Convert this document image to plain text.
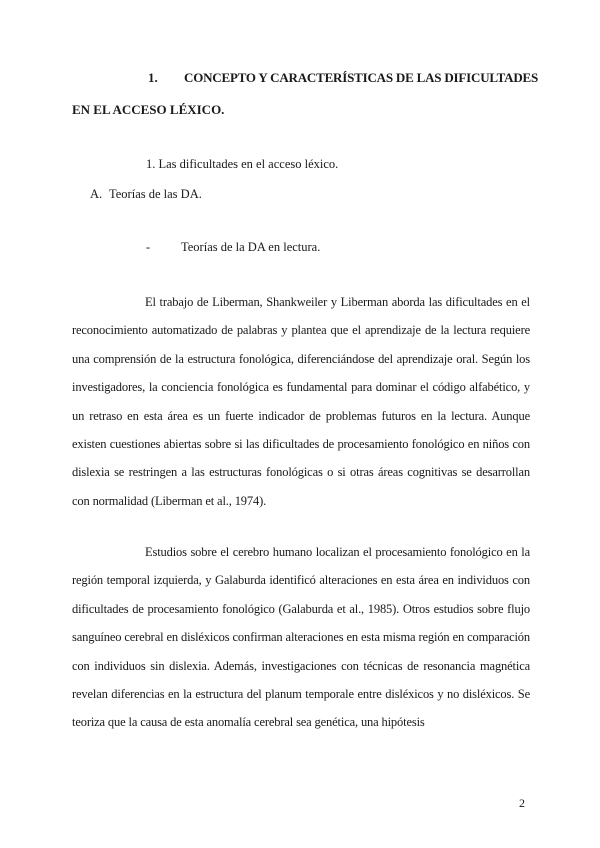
1. CONCEPTO Y CARACTERÍSTICAS DE LAS DIFICULTADES
EN EL ACCESO LÉXICO.
1. Las dificultades en el acceso léxico.
A. Teorías de las DA.
- Teorías de la DA en lectura.

El trabajo de Liberman, Shankweiler y Liberman aborda las dificultades en el reconocimiento automatizado de palabras y plantea que el aprendizaje de la lectura requiere una comprensión de la estructura fonológica, diferenciándose del aprendizaje oral. Según los investigadores, la conciencia fonológica es fundamental para dominar el código alfabético, y un retraso en esta área es un fuerte indicador de problemas futuros en la lectura. Aunque existen cuestiones abiertas sobre si las dificultades de procesamiento fonológico en niños con dislexia se restringen a las estructuras fonológicas o si otras áreas cognitivas se desarrollan con normalidad (Liberman et al., 1974).

Estudios sobre el cerebro humano localizan el procesamiento fonológico en la región temporal izquierda, y Galaburda identificó alteraciones en esta área en individuos con dificultades de procesamiento fonológico (Galaburda et al., 1985). Otros estudios sobre flujo sanguíneo cerebral en disléxicos confirman alteraciones en esta misma región en comparación con individuos sin dislexia. Además, investigaciones con técnicas de resonancia magnética revelan diferencias en la estructura del planum temporale entre disléxicos y no disléxicos. Se teoriza que la causa de esta anomalía cerebral sea genética, una hipótesis

2
